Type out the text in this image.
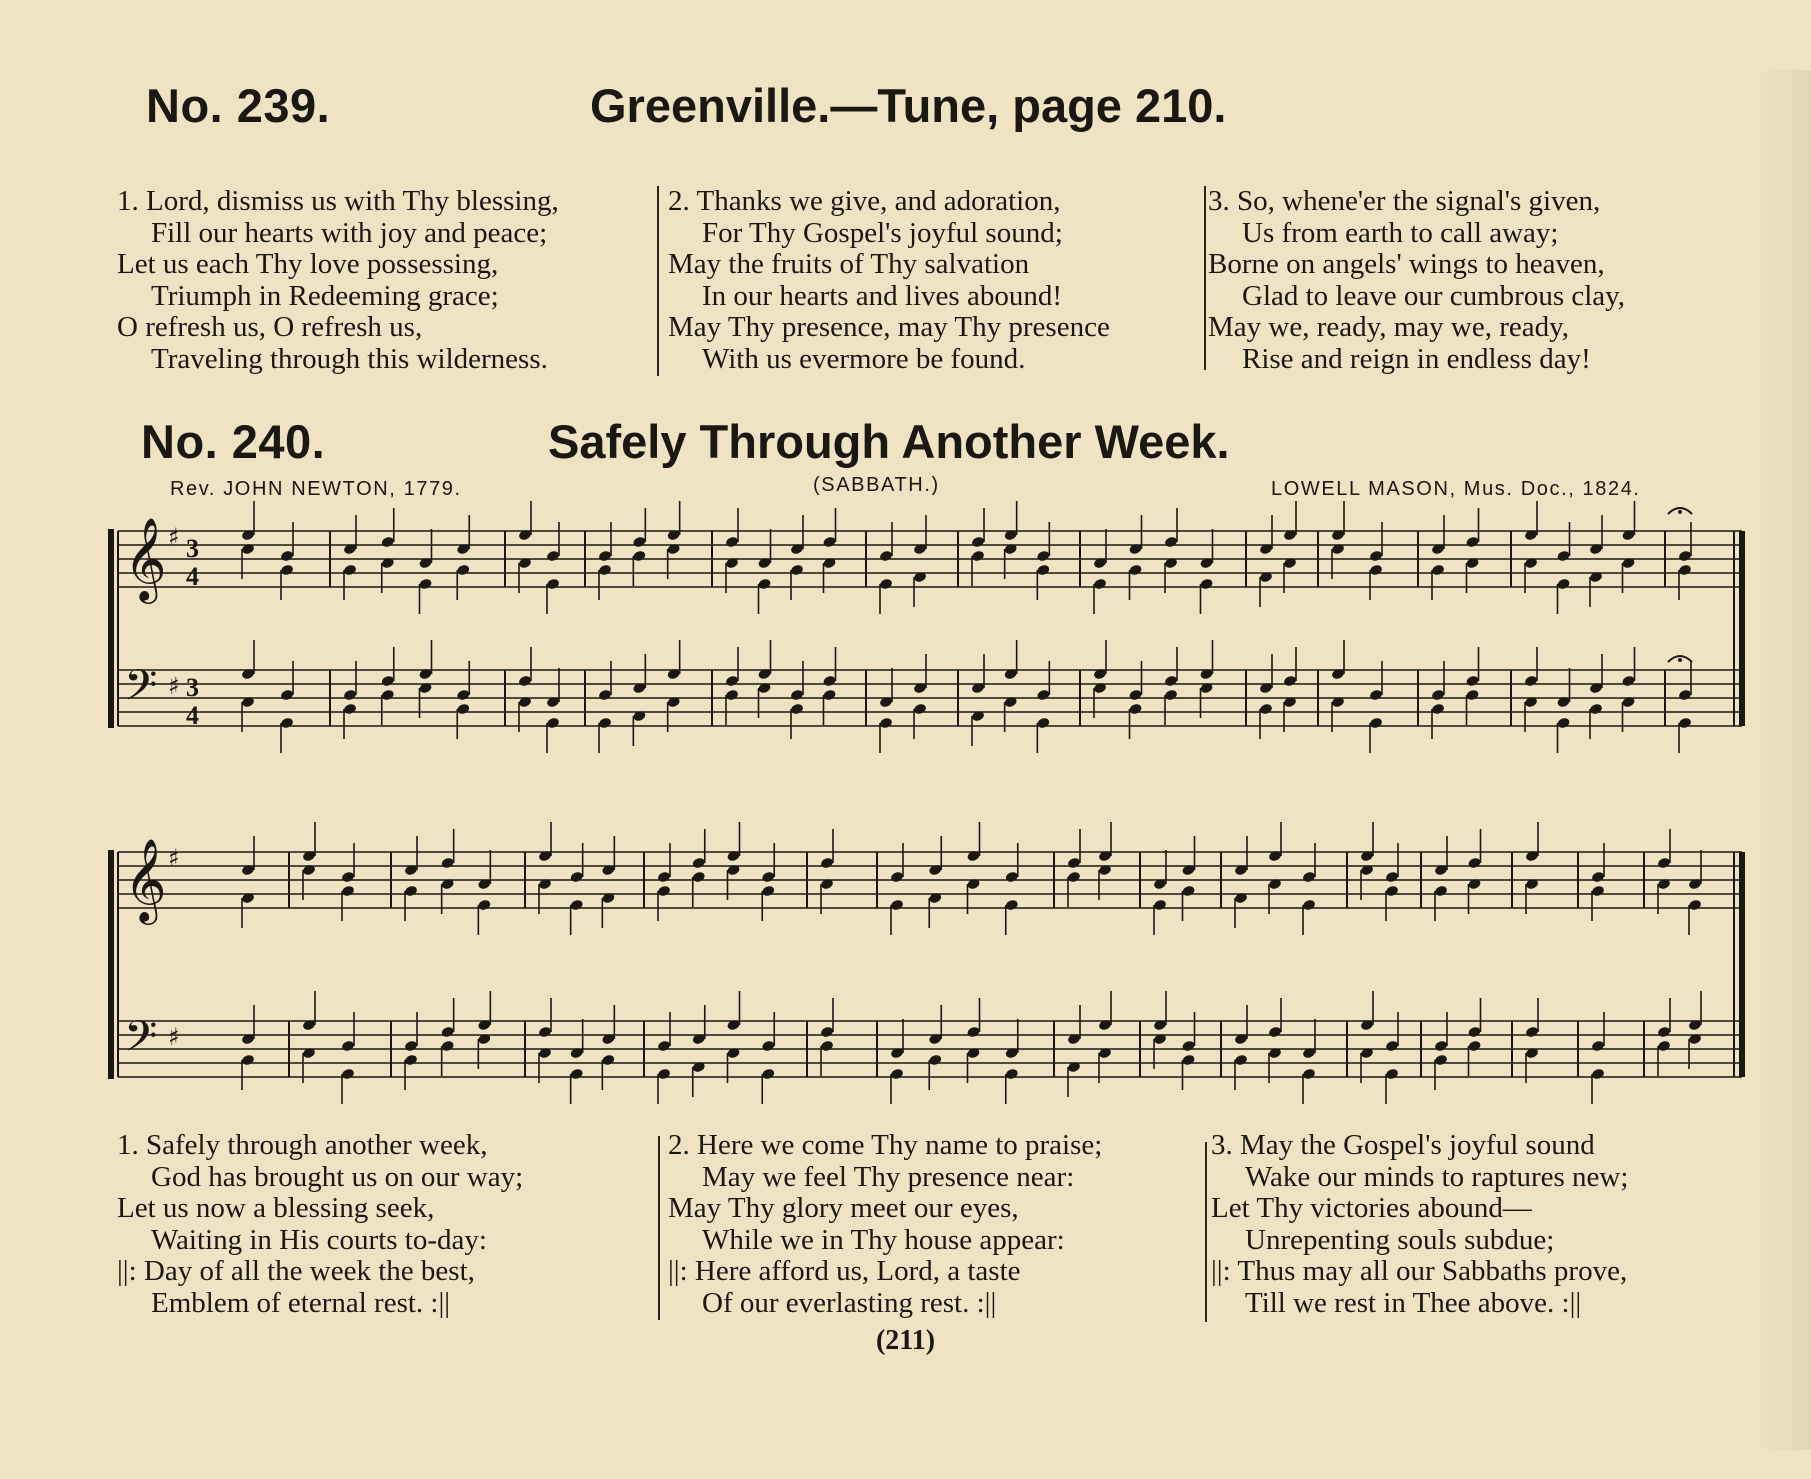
No. 239.	Greenville.—Tune, page 210.
1. Lord, dismiss us with Thy blessing,
Fill our hearts with joy and peace;
Let us each Thy love possessing,
Triumph in Redeeming grace;
O refresh us, O refresh us,
Traveling through this wilderness.
2. Thanks we give, and adoration,
For Thy Gospel's joyful sound;
May the fruits of Thy salvation
In our hearts and lives abound!
May Thy presence, may Thy presence
With us evermore be found.
3. So, whene'er the signal's given,
Us from earth to call away;
Borne on angels' wings to heaven,
Glad to leave our cumbrous clay,
May we, ready, may we, ready,
Rise and reign in endless day!
No. 240.	Safely Through Another Week.
Rev. JOHN NEWTON, 1779.	(SABBATH.)	LOWELL MASON, Mus. Doc., 1824.
𝄞 ♯ 3
4
𝄢 ♯ 3
4
𝄞 ♯
𝄢 ♯
1. Safely through another week,
God has brought us on our way;
Let us now a blessing seek,
Waiting in His courts to-day:
||: Day of all the week the best,
Emblem of eternal rest. :||
2. Here we come Thy name to praise;
May we feel Thy presence near:
May Thy glory meet our eyes,
While we in Thy house appear:
||: Here afford us, Lord, a taste
Of our everlasting rest. :||
3. May the Gospel's joyful sound
Wake our minds to raptures new;
Let Thy victories abound—
Unrepenting souls subdue;
||: Thus may all our Sabbaths prove,
Till we rest in Thee above. :||
(211)
